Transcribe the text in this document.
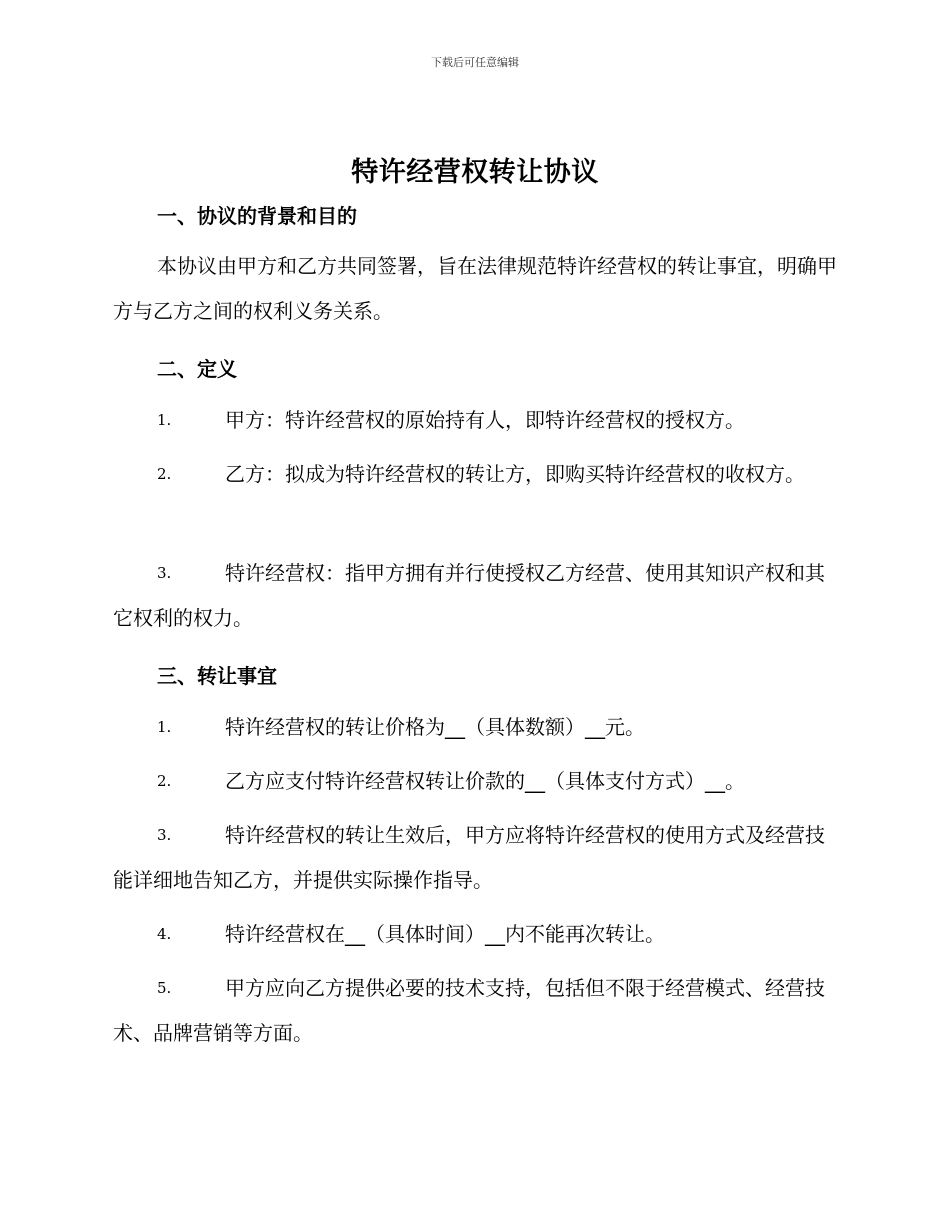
下载后可任意编辑
特许经营权转让协议
一、协议的背景和目的
本协议由甲方和乙方共同签署，旨在法律规范特许经营权的转让事宜，明确甲方与乙方之间的权利义务关系。
二、定义
1.	甲方：特许经营权的原始持有人，即特许经营权的授权方。
2.	乙方：拟成为特许经营权的转让方，即购买特许经营权的收权方。
3.	特许经营权：指甲方拥有并行使授权乙方经营、使用其知识产权和其它权利的权力。
三、转让事宜
1.	特许经营权的转让价格为__（具体数额）__元。
2.	乙方应支付特许经营权转让价款的__（具体支付方式）__。
3.	特许经营权的转让生效后，甲方应将特许经营权的使用方式及经营技能详细地告知乙方，并提供实际操作指导。
4.	特许经营权在__（具体时间）__内不能再次转让。
5.	甲方应向乙方提供必要的技术支持，包括但不限于经营模式、经营技术、品牌营销等方面。
